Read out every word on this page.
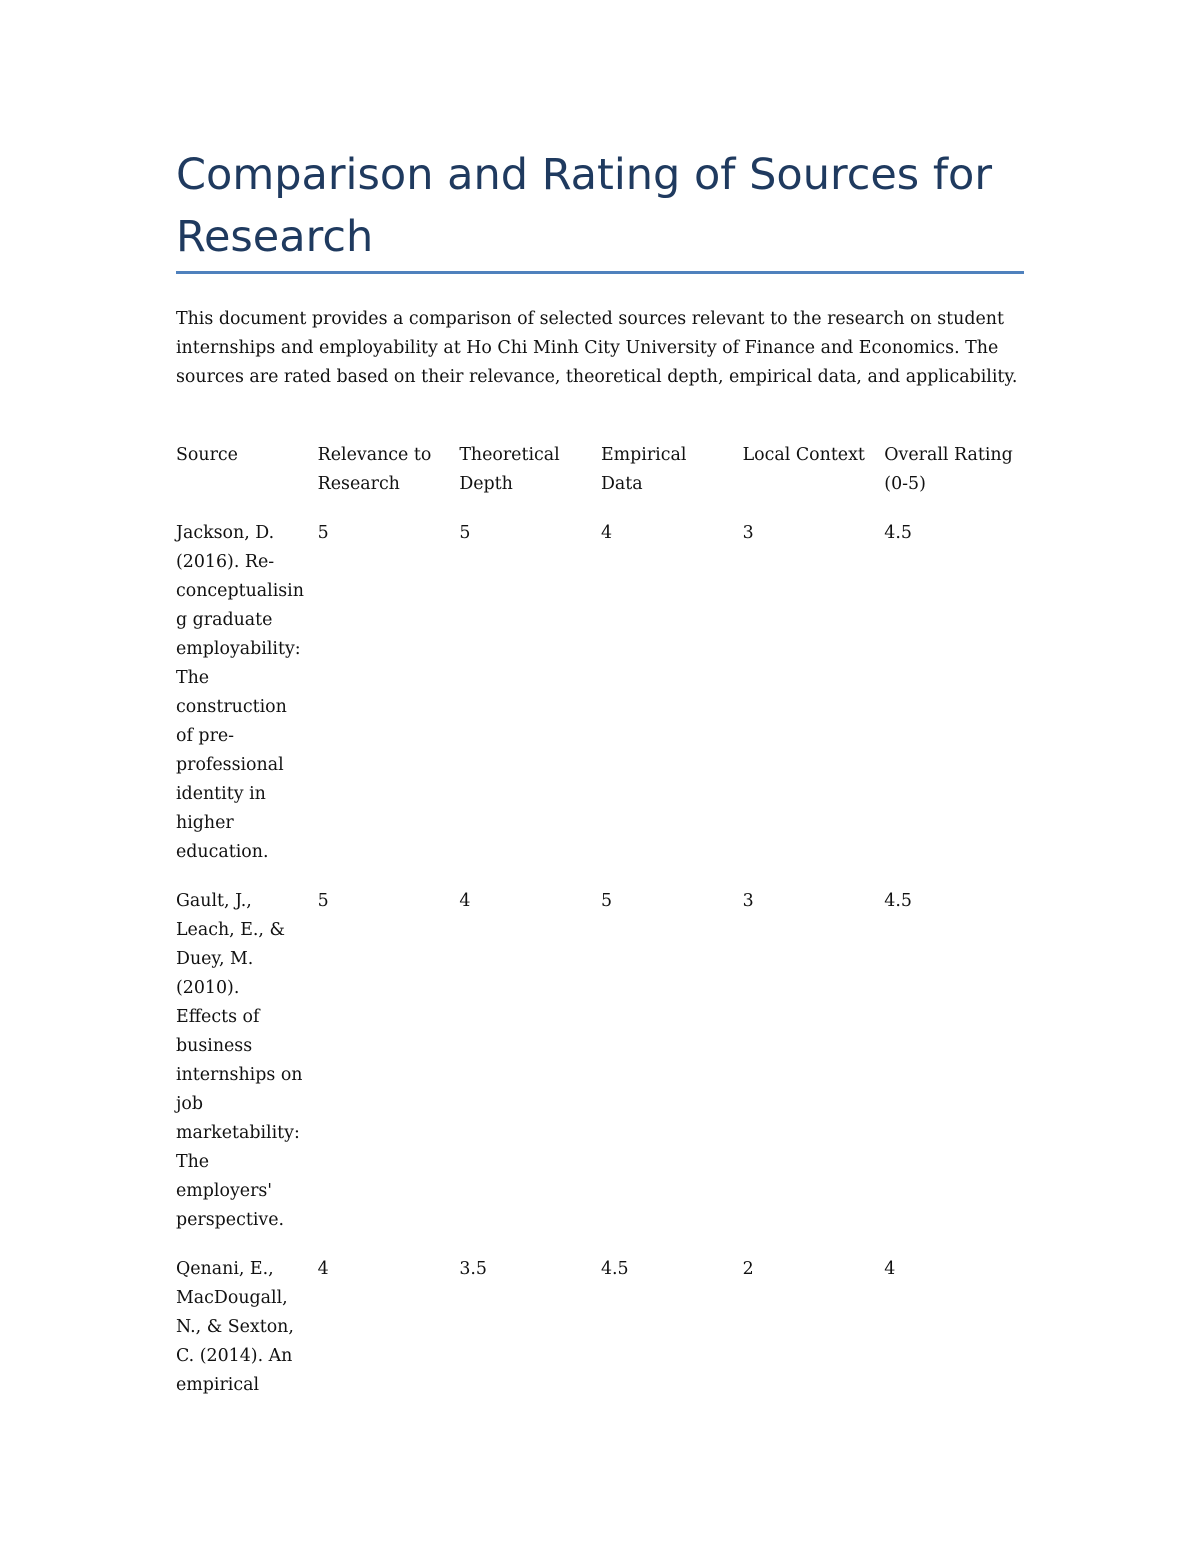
Comparison and Rating of Sources for Research

This document provides a comparison of selected sources relevant to the research on student internships and employability at Ho Chi Minh City University of Finance and Economics. The sources are rated based on their relevance, theoretical depth, empirical data, and applicability.

Source	Relevance to Research	Theoretical Depth	Empirical Data	Local Context	Overall Rating (0-5)

Jackson, D. (2016). Re-conceptualising graduate employability: The construction of pre-professional identity in higher education.	5	5	4	3	4.5

Gault, J., Leach, E., & Duey, M. (2010). Effects of business internships on job marketability: The employers' perspective.	5	4	5	3	4.5

Qenani, E., MacDougall, N., & Sexton, C. (2014). An empirical	4	3.5	4.5	2	4
